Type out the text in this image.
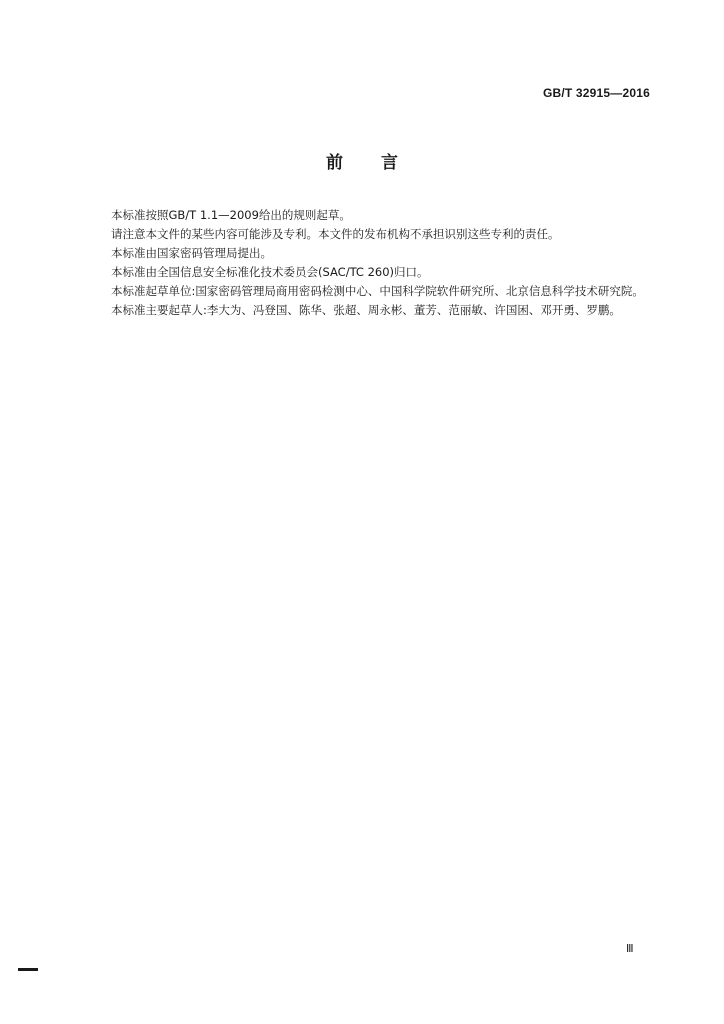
GB/T 32915—2016
前言

本标准按照GB/T 1.1—2009给出的规则起草。

请注意本文件的某些内容可能涉及专利。本文件的发布机构不承担识别这些专利的责任。

本标准由国家密码管理局提出。

本标准由全国信息安全标准化技术委员会(SAC/TC 260)归口。

本标准起草单位:国家密码管理局商用密码检测中心、中国科学院软件研究所、北京信息科学技术研究院。

本标准主要起草人:李大为、冯登国、陈华、张超、周永彬、董芳、范丽敏、许国困、邓开勇、罗鹏。

Ⅲ
